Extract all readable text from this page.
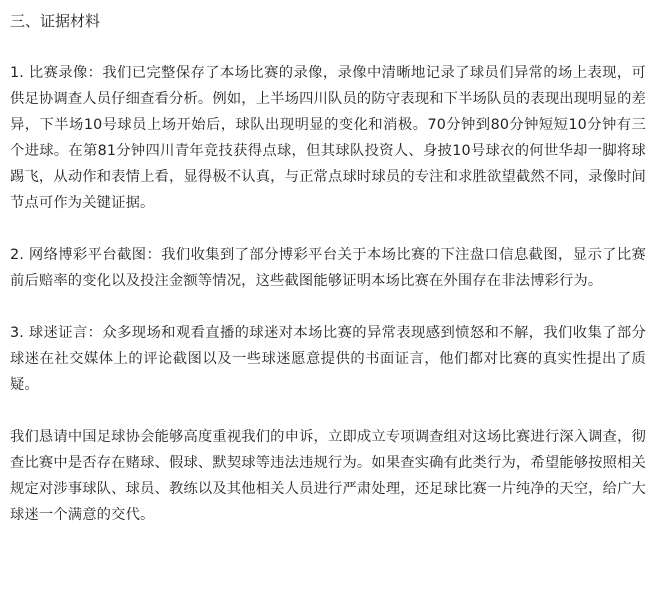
三、证据材料

1. 比赛录像：我们已完整保存了本场比赛的录像，录像中清晰地记录了球员们异常的场上表现，可供足协调查人员仔细查看分析。例如，上半场四川队员的防守表现和下半场队员的表现出现明显的差异，下半场10号球员上场开始后，球队出现明显的变化和消极。70分钟到80分钟短短10分钟有三个进球。在第81分钟四川青年竞技获得点球，但其球队投资人、身披10号球衣的何世华却一脚将球踢飞，从动作和表情上看，显得极不认真，与正常点球时球员的专注和求胜欲望截然不同，录像时间节点可作为关键证据。

2. 网络博彩平台截图：我们收集到了部分博彩平台关于本场比赛的下注盘口信息截图，显示了比赛前后赔率的变化以及投注金额等情况，这些截图能够证明本场比赛在外围存在非法博彩行为。

3. 球迷证言：众多现场和观看直播的球迷对本场比赛的异常表现感到愤怒和不解，我们收集了部分球迷在社交媒体上的评论截图以及一些球迷愿意提供的书面证言，他们都对比赛的真实性提出了质疑。

我们恳请中国足球协会能够高度重视我们的申诉，立即成立专项调查组对这场比赛进行深入调查，彻查比赛中是否存在赌球、假球、默契球等违法违规行为。如果查实确有此类行为，希望能够按照相关规定对涉事球队、球员、教练以及其他相关人员进行严肃处理，还足球比赛一片纯净的天空，给广大球迷一个满意的交代。
